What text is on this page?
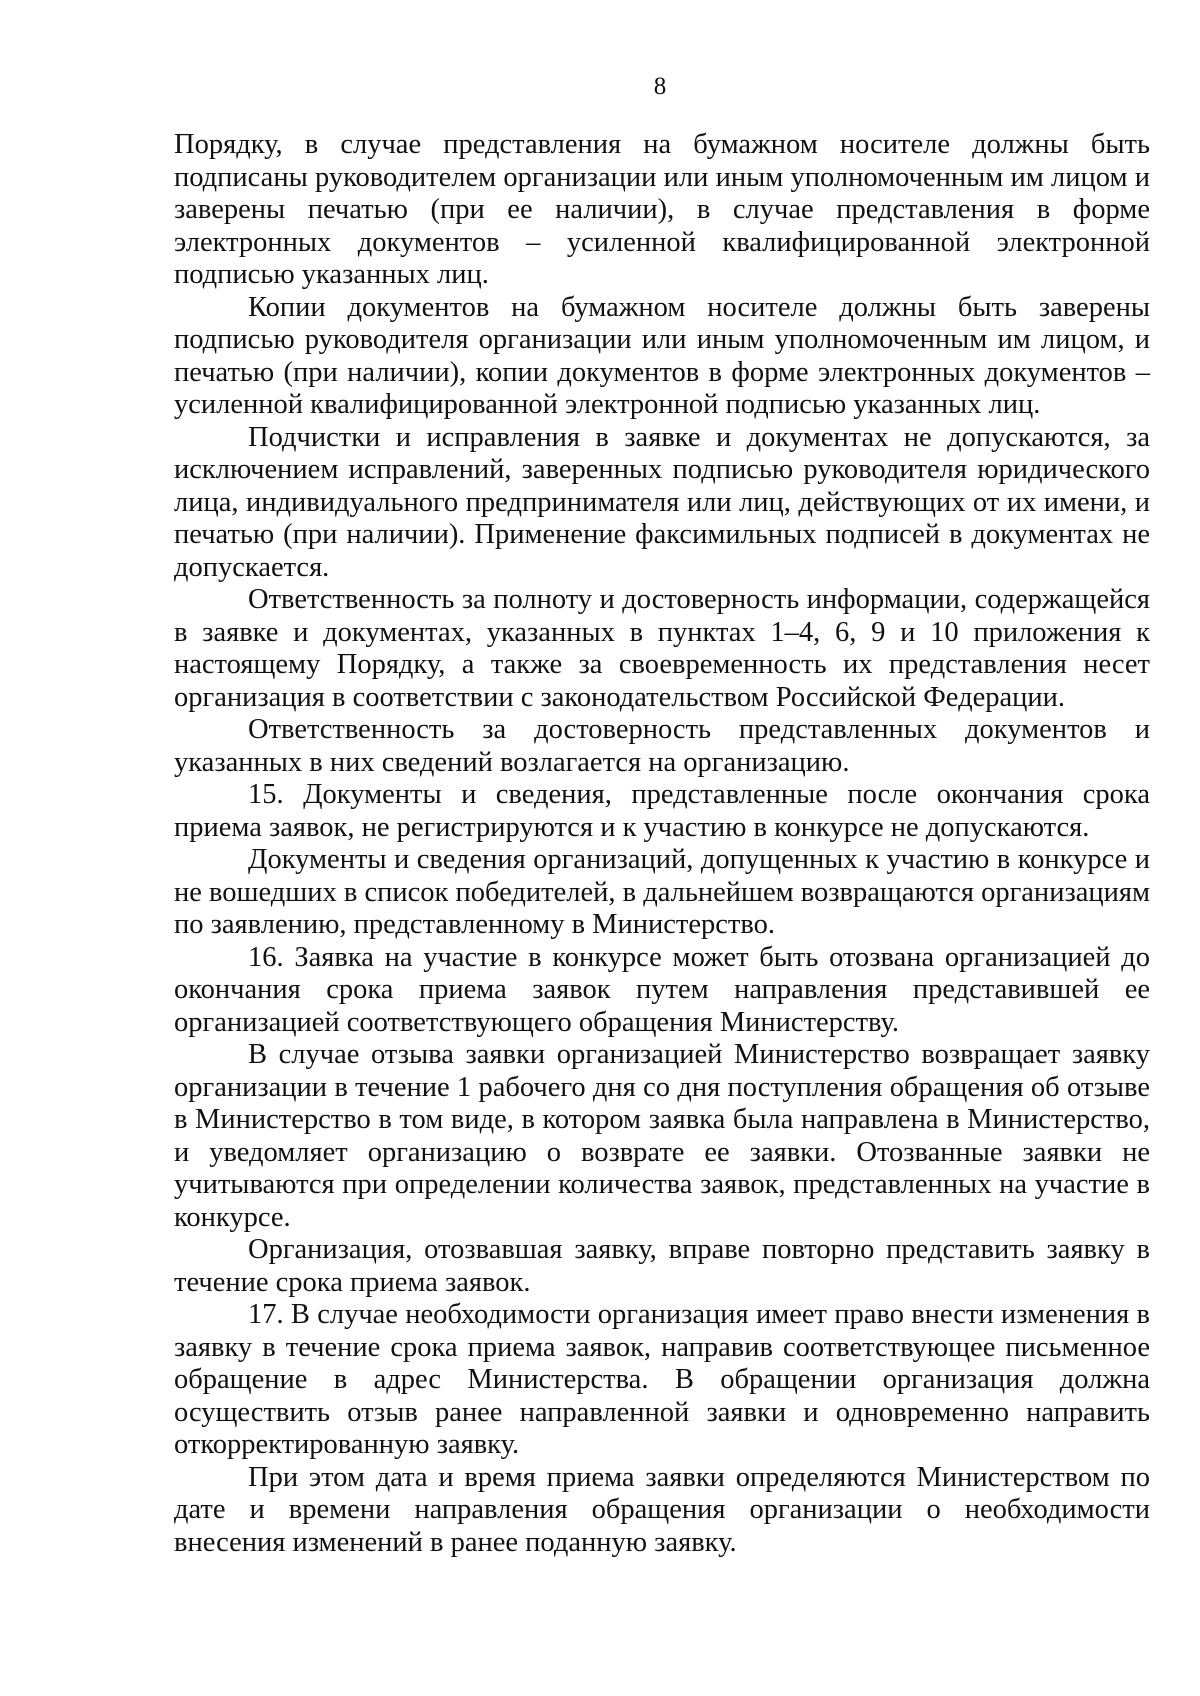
8

Порядку, в случае представления на бумажном носителе должны быть подписаны руководителем организации или иным уполномоченным им лицом и заверены печатью (при ее наличии), в случае представления в форме электронных документов – усиленной квалифицированной электронной подписью указанных лиц.

Копии документов на бумажном носителе должны быть заверены подписью руководителя организации или иным уполномоченным им лицом, и печатью (при наличии), копии документов в форме электронных документов – усиленной квалифицированной электронной подписью указанных лиц.

Подчистки и исправления в заявке и документах не допускаются, за исключением исправлений, заверенных подписью руководителя юридического лица, индивидуального предпринимателя или лиц, действующих от их имени, и печатью (при наличии). Применение факсимильных подписей в документах не допускается.

Ответственность за полноту и достоверность информации, содержащейся в заявке и документах, указанных в пунктах 1–4, 6, 9 и 10 приложения к настоящему Порядку, а также за своевременность их представления несет организация в соответствии с законодательством Российской Федерации.

Ответственность за достоверность представленных документов и указанных в них сведений возлагается на организацию.

15. Документы и сведения, представленные после окончания срока приема заявок, не регистрируются и к участию в конкурсе не допускаются.

Документы и сведения организаций, допущенных к участию в конкурсе и не вошедших в список победителей, в дальнейшем возвращаются организациям по заявлению, представленному в Министерство.

16. Заявка на участие в конкурсе может быть отозвана организацией до окончания срока приема заявок путем направления представившей ее организацией соответствующего обращения Министерству.

В случае отзыва заявки организацией Министерство возвращает заявку организации в течение 1 рабочего дня со дня поступления обращения об отзыве в Министерство в том виде, в котором заявка была направлена в Министерство, и уведомляет организацию о возврате ее заявки. Отозванные заявки не учитываются при определении количества заявок, представленных на участие в конкурсе.

Организация, отозвавшая заявку, вправе повторно представить заявку в течение срока приема заявок.

17. В случае необходимости организация имеет право внести изменения в заявку в течение срока приема заявок, направив соответствующее письменное обращение в адрес Министерства. В обращении организация должна осуществить отзыв ранее направленной заявки и одновременно направить откорректированную заявку.

При этом дата и время приема заявки определяются Министерством по дате и времени направления обращения организации о необходимости внесения изменений в ранее поданную заявку.
